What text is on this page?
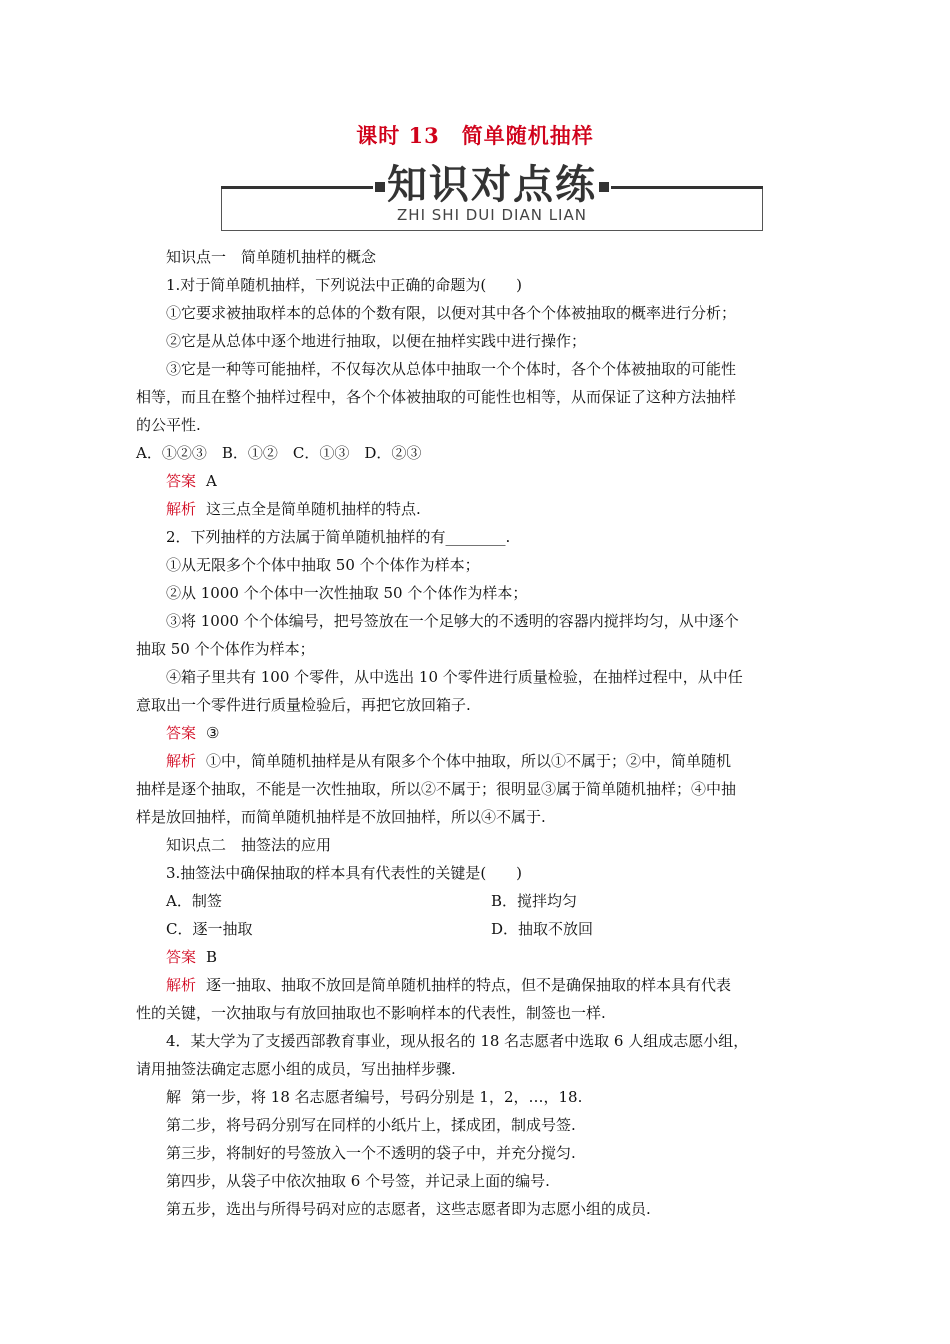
课时 13　简单随机抽样
知识对点练
ZHI SHI DUI DIAN LIAN

知识点一　简单随机抽样的概念

1.对于简单随机抽样，下列说法中正确的命题为(　　)

①它要求被抽取样本的总体的个数有限，以便对其中各个个体被抽取的概率进行分析；

②它是从总体中逐个地进行抽取，以便在抽样实践中进行操作；

③它是一种等可能抽样，不仅每次从总体中抽取一个个体时，各个个体被抽取的可能性

相等，而且在整个抽样过程中，各个个体被抽取的可能性也相等，从而保证了这种方法抽样

的公平性.

A．①②③　B．①②　C．①③　D．②③

答案 A

解析 这三点全是简单随机抽样的特点.

2．下列抽样的方法属于简单随机抽样的有________.

①从无限多个个体中抽取 50 个个体作为样本；

②从 1000 个个体中一次性抽取 50 个个体作为样本；

③将 1000 个个体编号，把号签放在一个足够大的不透明的容器内搅拌均匀，从中逐个

抽取 50 个个体作为样本；

④箱子里共有 100 个零件，从中选出 10 个零件进行质量检验，在抽样过程中，从中任

意取出一个零件进行质量检验后，再把它放回箱子.

答案 ③

解析 ①中，简单随机抽样是从有限多个个体中抽取，所以①不属于；②中，简单随机

抽样是逐个抽取，不能是一次性抽取，所以②不属于；很明显③属于简单随机抽样；④中抽

样是放回抽样，而简单随机抽样是不放回抽样，所以④不属于.

知识点二　抽签法的应用

3.抽签法中确保抽取的样本具有代表性的关键是(　　)

A．制签	B．搅拌均匀
C．逐一抽取	D．抽取不放回

答案 B

解析 逐一抽取、抽取不放回是简单随机抽样的特点，但不是确保抽取的样本具有代表

性的关键，一次抽取与有放回抽取也不影响样本的代表性，制签也一样.

4．某大学为了支援西部教育事业，现从报名的 18 名志愿者中选取 6 人组成志愿小组，

请用抽签法确定志愿小组的成员，写出抽样步骤.

解 第一步，将 18 名志愿者编号，号码分别是 1，2，…，18.

第二步，将号码分别写在同样的小纸片上，揉成团，制成号签.

第三步，将制好的号签放入一个不透明的袋子中，并充分搅匀.

第四步，从袋子中依次抽取 6 个号签，并记录上面的编号.

第五步，选出与所得号码对应的志愿者，这些志愿者即为志愿小组的成员.
